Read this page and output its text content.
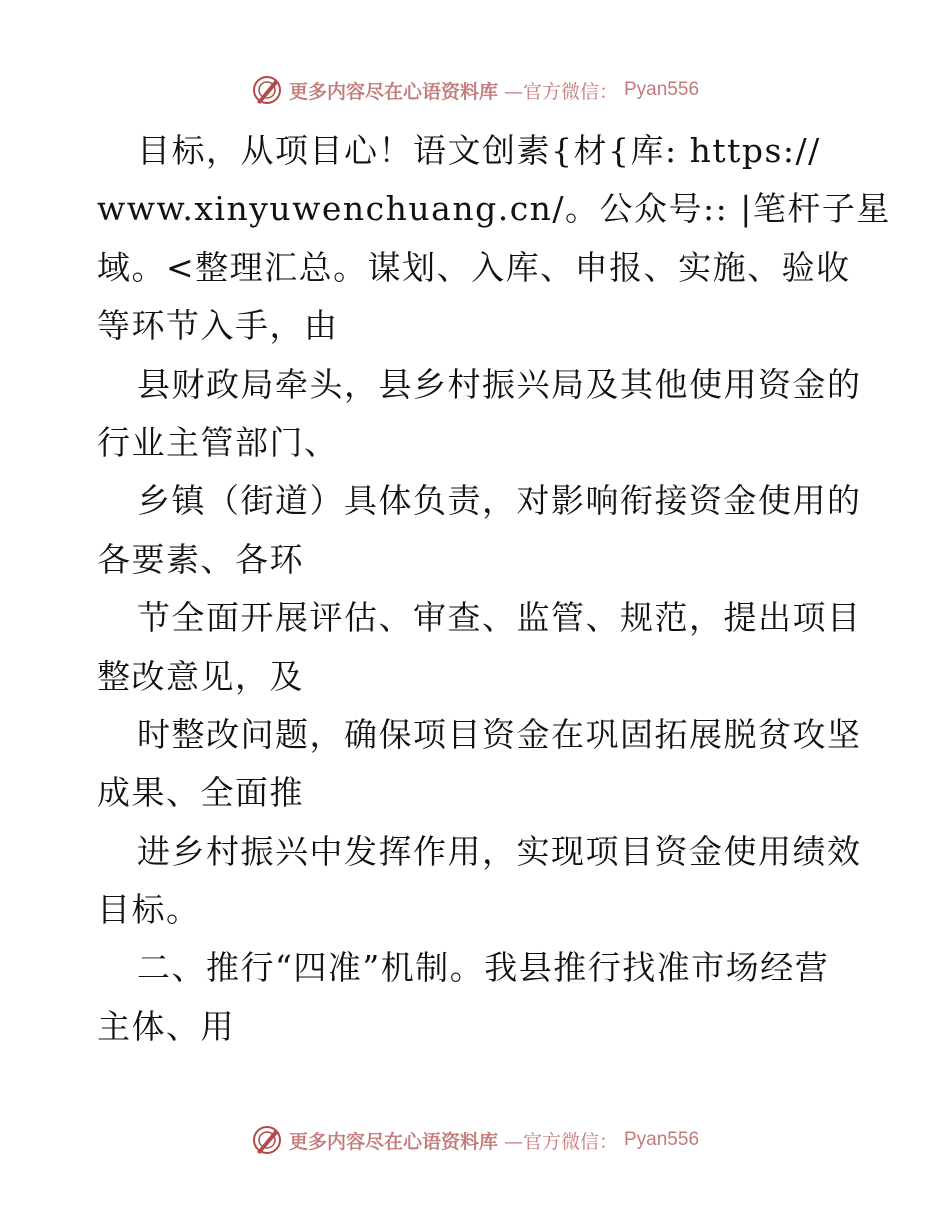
更多内容尽在心语资料库 —官方微信： Pyan556
目标，从项目心！语文创素{材{库: https://
www.xinyuwenchuang.cn/。公众号:: |笔杆子星
域。<整理汇总。谋划、入库、申报、实施、验收
等环节入手，由
县财政局牵头，县乡村振兴局及其他使用资金的
行业主管部门、
乡镇（街道）具体负责，对影响衔接资金使用的
各要素、各环
节全面开展评估、审查、监管、规范，提出项目
整改意见，及
时整改问题，确保项目资金在巩固拓展脱贫攻坚
成果、全面推
进乡村振兴中发挥作用，实现项目资金使用绩效
目标。
二、推行“四准”机制。我县推行找准市场经营
主体、用
更多内容尽在心语资料库 —官方微信： Pyan556
